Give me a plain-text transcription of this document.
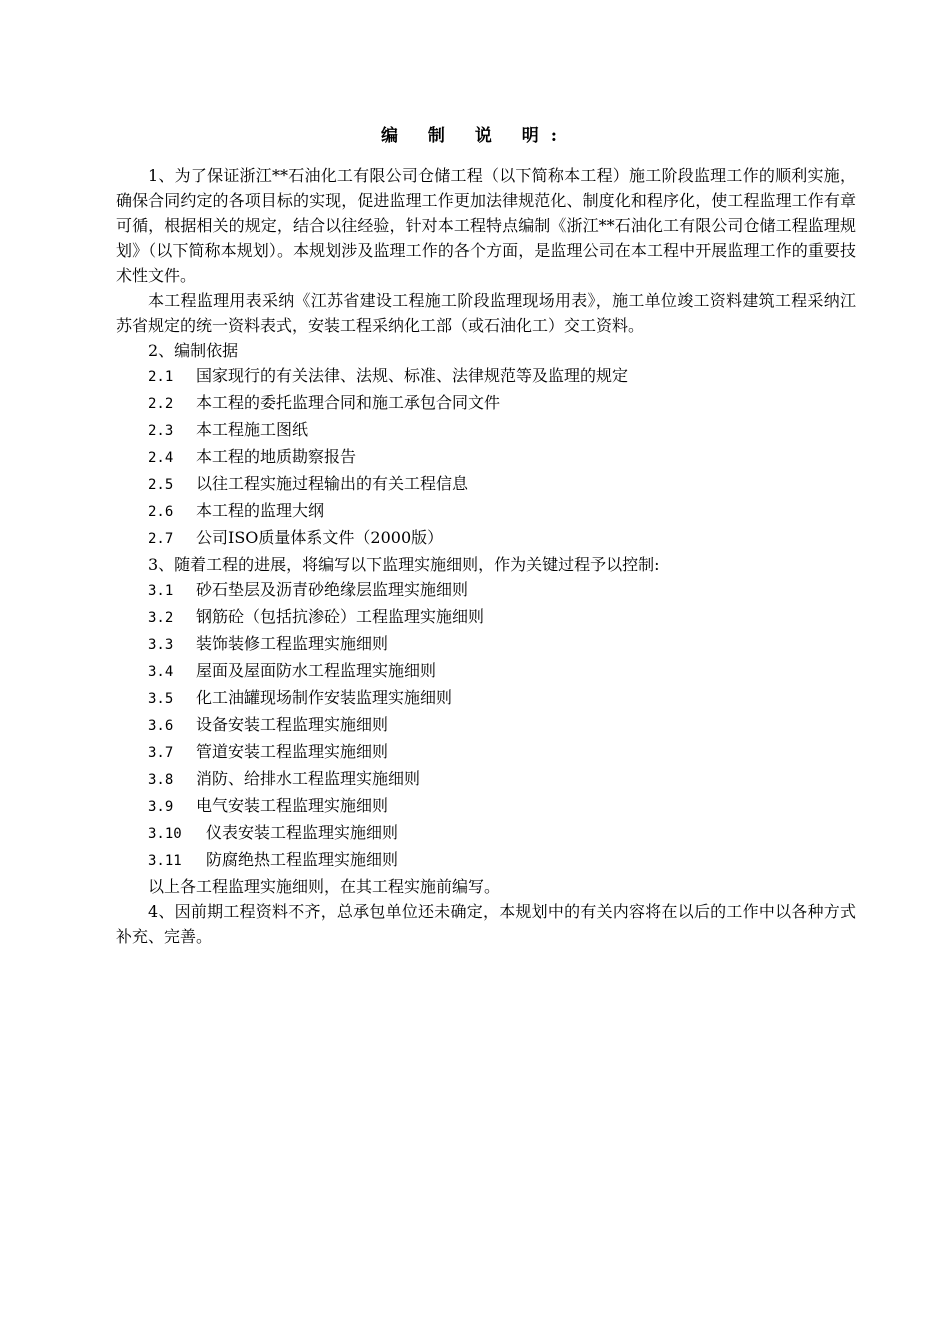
编 制 说 明:

1、为了保证浙江**石油化工有限公司仓储工程（以下简称本工程）施工阶段监理工作的顺利实施，确保合同约定的各项目标的实现，促进监理工作更加法律规范化、制度化和程序化，使工程监理工作有章可循，根据相关的规定，结合以往经验，针对本工程特点编制《浙江**石油化工有限公司仓储工程监理规划》（以下简称本规划）。本规划涉及监理工作的各个方面，是监理公司在本工程中开展监理工作的重要技术性文件。

本工程监理用表采纳《江苏省建设工程施工阶段监理现场用表》，施工单位竣工资料建筑工程采纳江苏省规定的统一资料表式，安装工程采纳化工部（或石油化工）交工资料。

2、编制依据

2.1 国家现行的有关法律、法规、标准、法律规范等及监理的规定

2.2 本工程的委托监理合同和施工承包合同文件

2.3 本工程施工图纸

2.4 本工程的地质勘察报告

2.5 以往工程实施过程输出的有关工程信息

2.6 本工程的监理大纲

2.7 公司ISO质量体系文件（2000版）

3、随着工程的进展，将编写以下监理实施细则，作为关键过程予以控制:

3.1 砂石垫层及沥青砂绝缘层监理实施细则

3.2 钢筋砼（包括抗渗砼）工程监理实施细则

3.3 装饰装修工程监理实施细则

3.4 屋面及屋面防水工程监理实施细则

3.5 化工油罐现场制作安装监理实施细则

3.6 设备安装工程监理实施细则

3.7 管道安装工程监理实施细则

3.8 消防、给排水工程监理实施细则

3.9 电气安装工程监理实施细则

3.10 仪表安装工程监理实施细则

3.11 防腐绝热工程监理实施细则

以上各工程监理实施细则，在其工程实施前编写。

4、因前期工程资料不齐，总承包单位还未确定，本规划中的有关内容将在以后的工作中以各种方式补充、完善。
